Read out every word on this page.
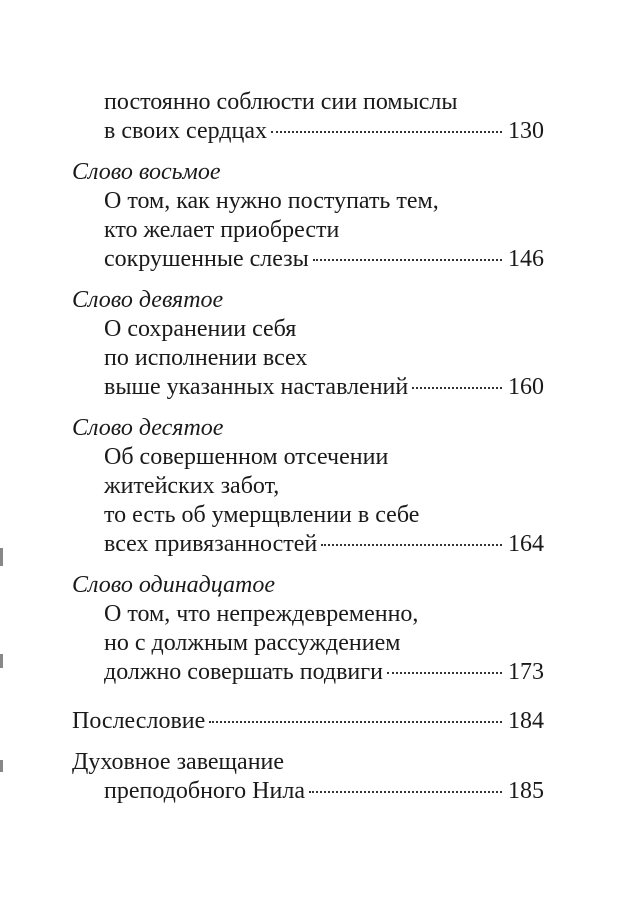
постоянно соблюсти сии помыслы
в своих сердцах	130
Слово восьмое
О том, как нужно поступать тем,
кто желает приобрести
сокрушенные слезы	146
Слово девятое
О сохранении себя
по исполнении всех
выше указанных наставлений	160
Слово десятое
Об совершенном отсечении
житейских забот,
то есть об умерщвлении в себе
всех привязанностей	164
Слово одинадцатое
О том, что непреждевременно,
но с должным рассуждением
должно совершать подвиги	173
Послесловие	184
Духовное завещание
преподобного Нила	185
